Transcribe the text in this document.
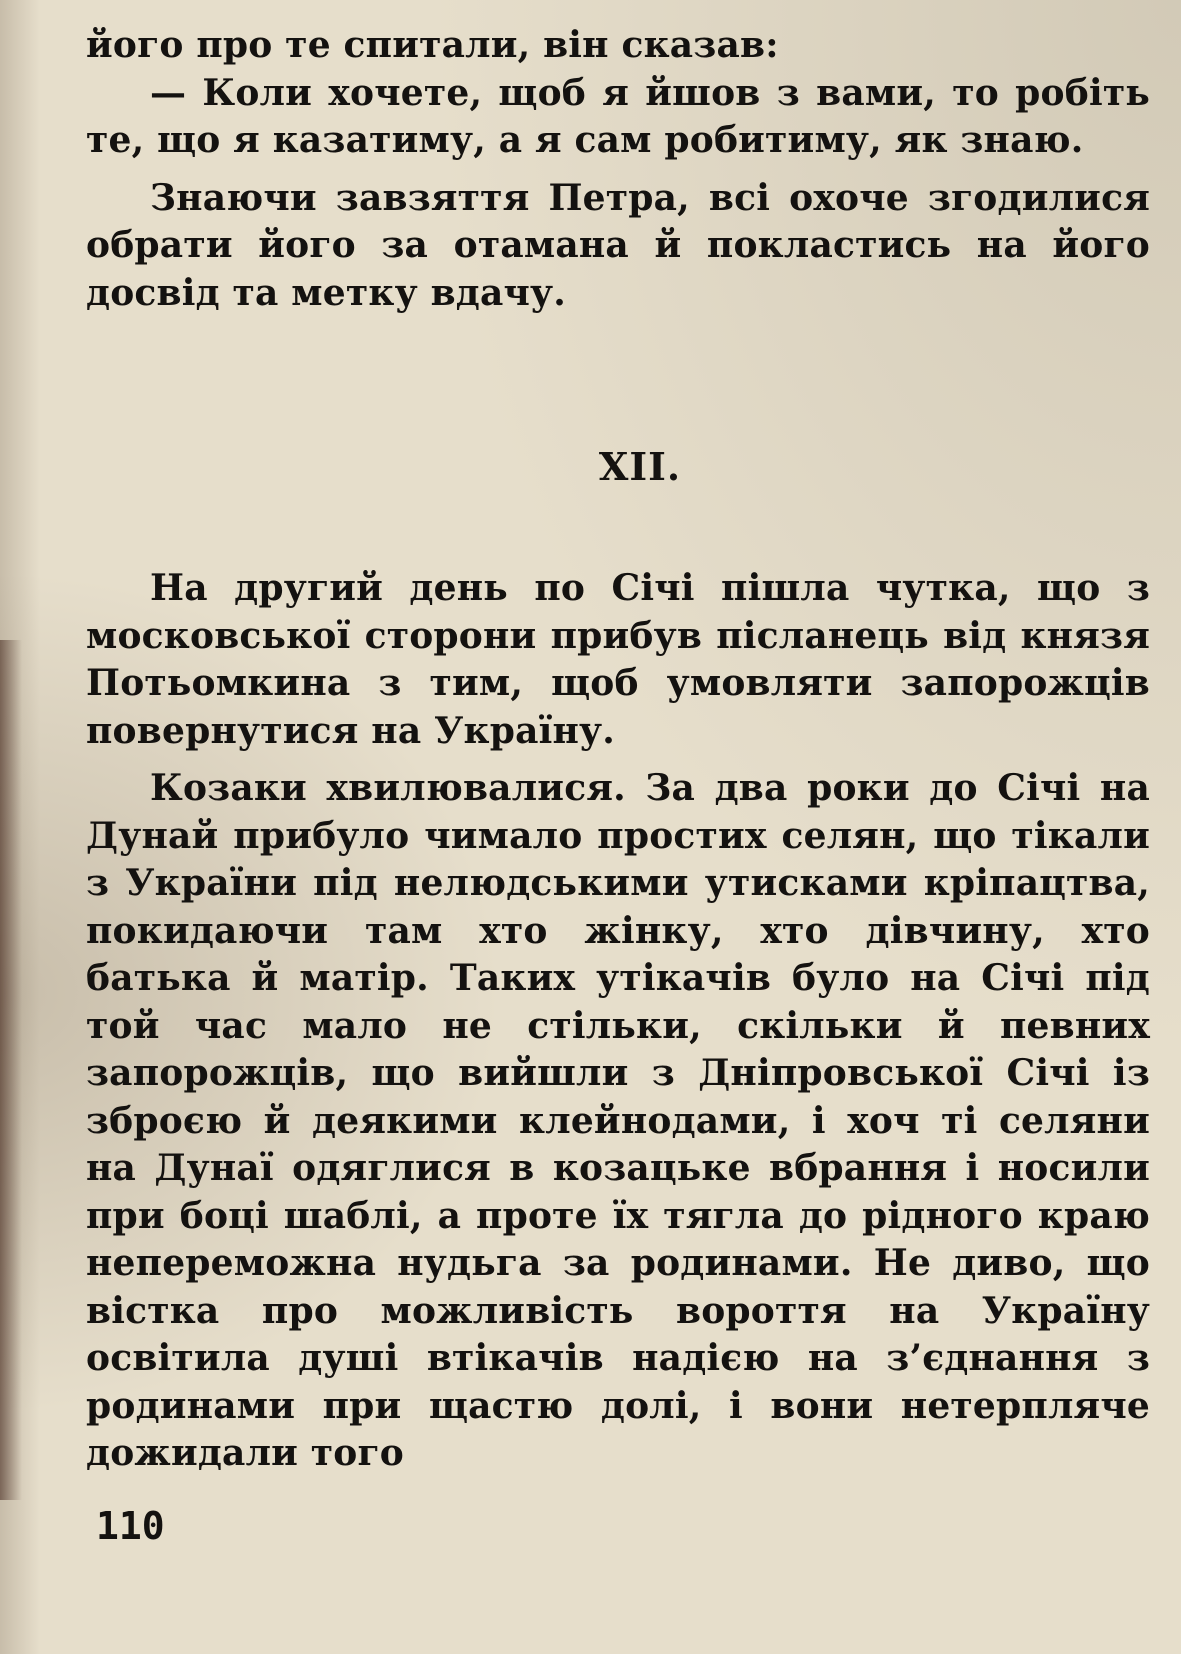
його про те спитали, він сказав:

— Коли хочете, щоб я йшов з вами, то робіть те, що я казатиму, а я сам робитиму, як знаю.

Знаючи завзяття Петра, всі охоче згодилися обрати його за отамана й покластись на його досвід та метку вдачу.

XII.

На другий день по Січі пішла чутка, що з московської сторони прибув післанець від князя Потьомкина з тим, щоб умовляти запорожців повернутися на Україну.

Козаки хвилювалися. За два роки до Січі на Дунай прибуло чимало простих селян, що тікали з України під нелюдськими утисками кріпацтва, покидаючи там хто жінку, хто дівчину, хто батька й матір. Таких утікачів було на Січі під той час мало не стільки, скільки й певних запорожців, що вийшли з Дніпровської Січі із зброєю й деякими клейнодами, і хоч ті селяни на Дунаї одяглися в козацьке вбрання і носили при боці шаблі, а проте їх тягла до рідного краю непереможна нудьга за родинами. Не диво, що вістка про можливість вороття на Україну освітила душі втікачів надією на з’єднання з родинами при щастю долі, і вони нетерпляче дожидали того

110
